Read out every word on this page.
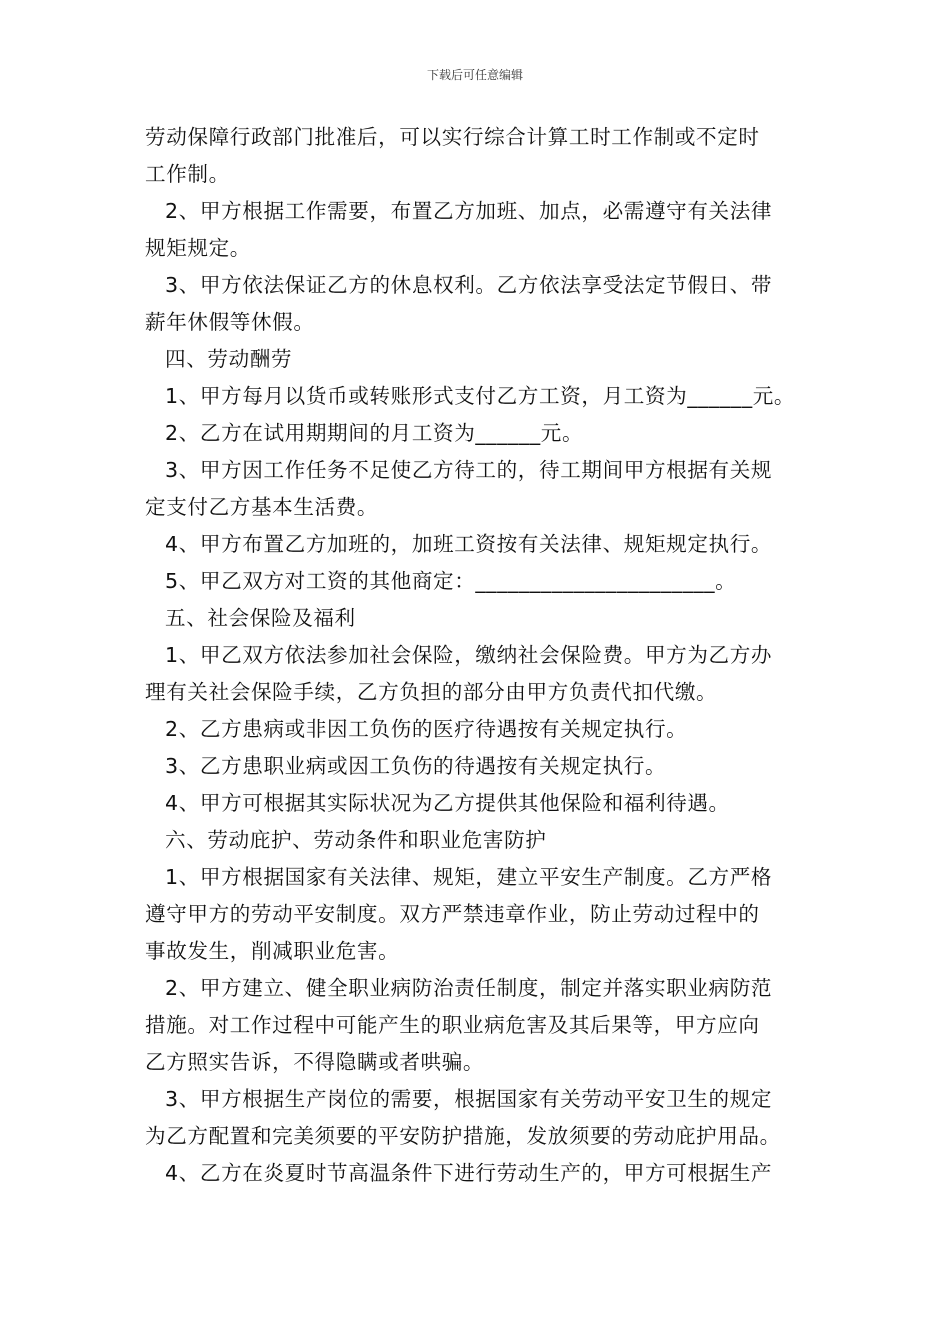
下载后可任意编辑
劳动保障行政部门批准后，可以实行综合计算工时工作制或不定时
工作制。
2、甲方根据工作需要，布置乙方加班、加点，必需遵守有关法律
规矩规定。
3、甲方依法保证乙方的休息权利。乙方依法享受法定节假日、带
薪年休假等休假。
四、劳动酬劳
1、甲方每月以货币或转账形式支付乙方工资，月工资为______元。
2、乙方在试用期期间的月工资为______元。
3、甲方因工作任务不足使乙方待工的，待工期间甲方根据有关规
定支付乙方基本生活费。
4、甲方布置乙方加班的，加班工资按有关法律、规矩规定执行。
5、甲乙双方对工资的其他商定：______________________。
五、社会保险及福利
1、甲乙双方依法参加社会保险，缴纳社会保险费。甲方为乙方办
理有关社会保险手续，乙方负担的部分由甲方负责代扣代缴。
2、乙方患病或非因工负伤的医疗待遇按有关规定执行。
3、乙方患职业病或因工负伤的待遇按有关规定执行。
4、甲方可根据其实际状况为乙方提供其他保险和福利待遇。
六、劳动庇护、劳动条件和职业危害防护
1、甲方根据国家有关法律、规矩，建立平安生产制度。乙方严格
遵守甲方的劳动平安制度。双方严禁违章作业，防止劳动过程中的
事故发生，削减职业危害。
2、甲方建立、健全职业病防治责任制度，制定并落实职业病防范
措施。对工作过程中可能产生的职业病危害及其后果等，甲方应向
乙方照实告诉，不得隐瞒或者哄骗。
3、甲方根据生产岗位的需要，根据国家有关劳动平安卫生的规定
为乙方配置和完美须要的平安防护措施，发放须要的劳动庇护用品。
4、乙方在炎夏时节高温条件下进行劳动生产的，甲方可根据生产
